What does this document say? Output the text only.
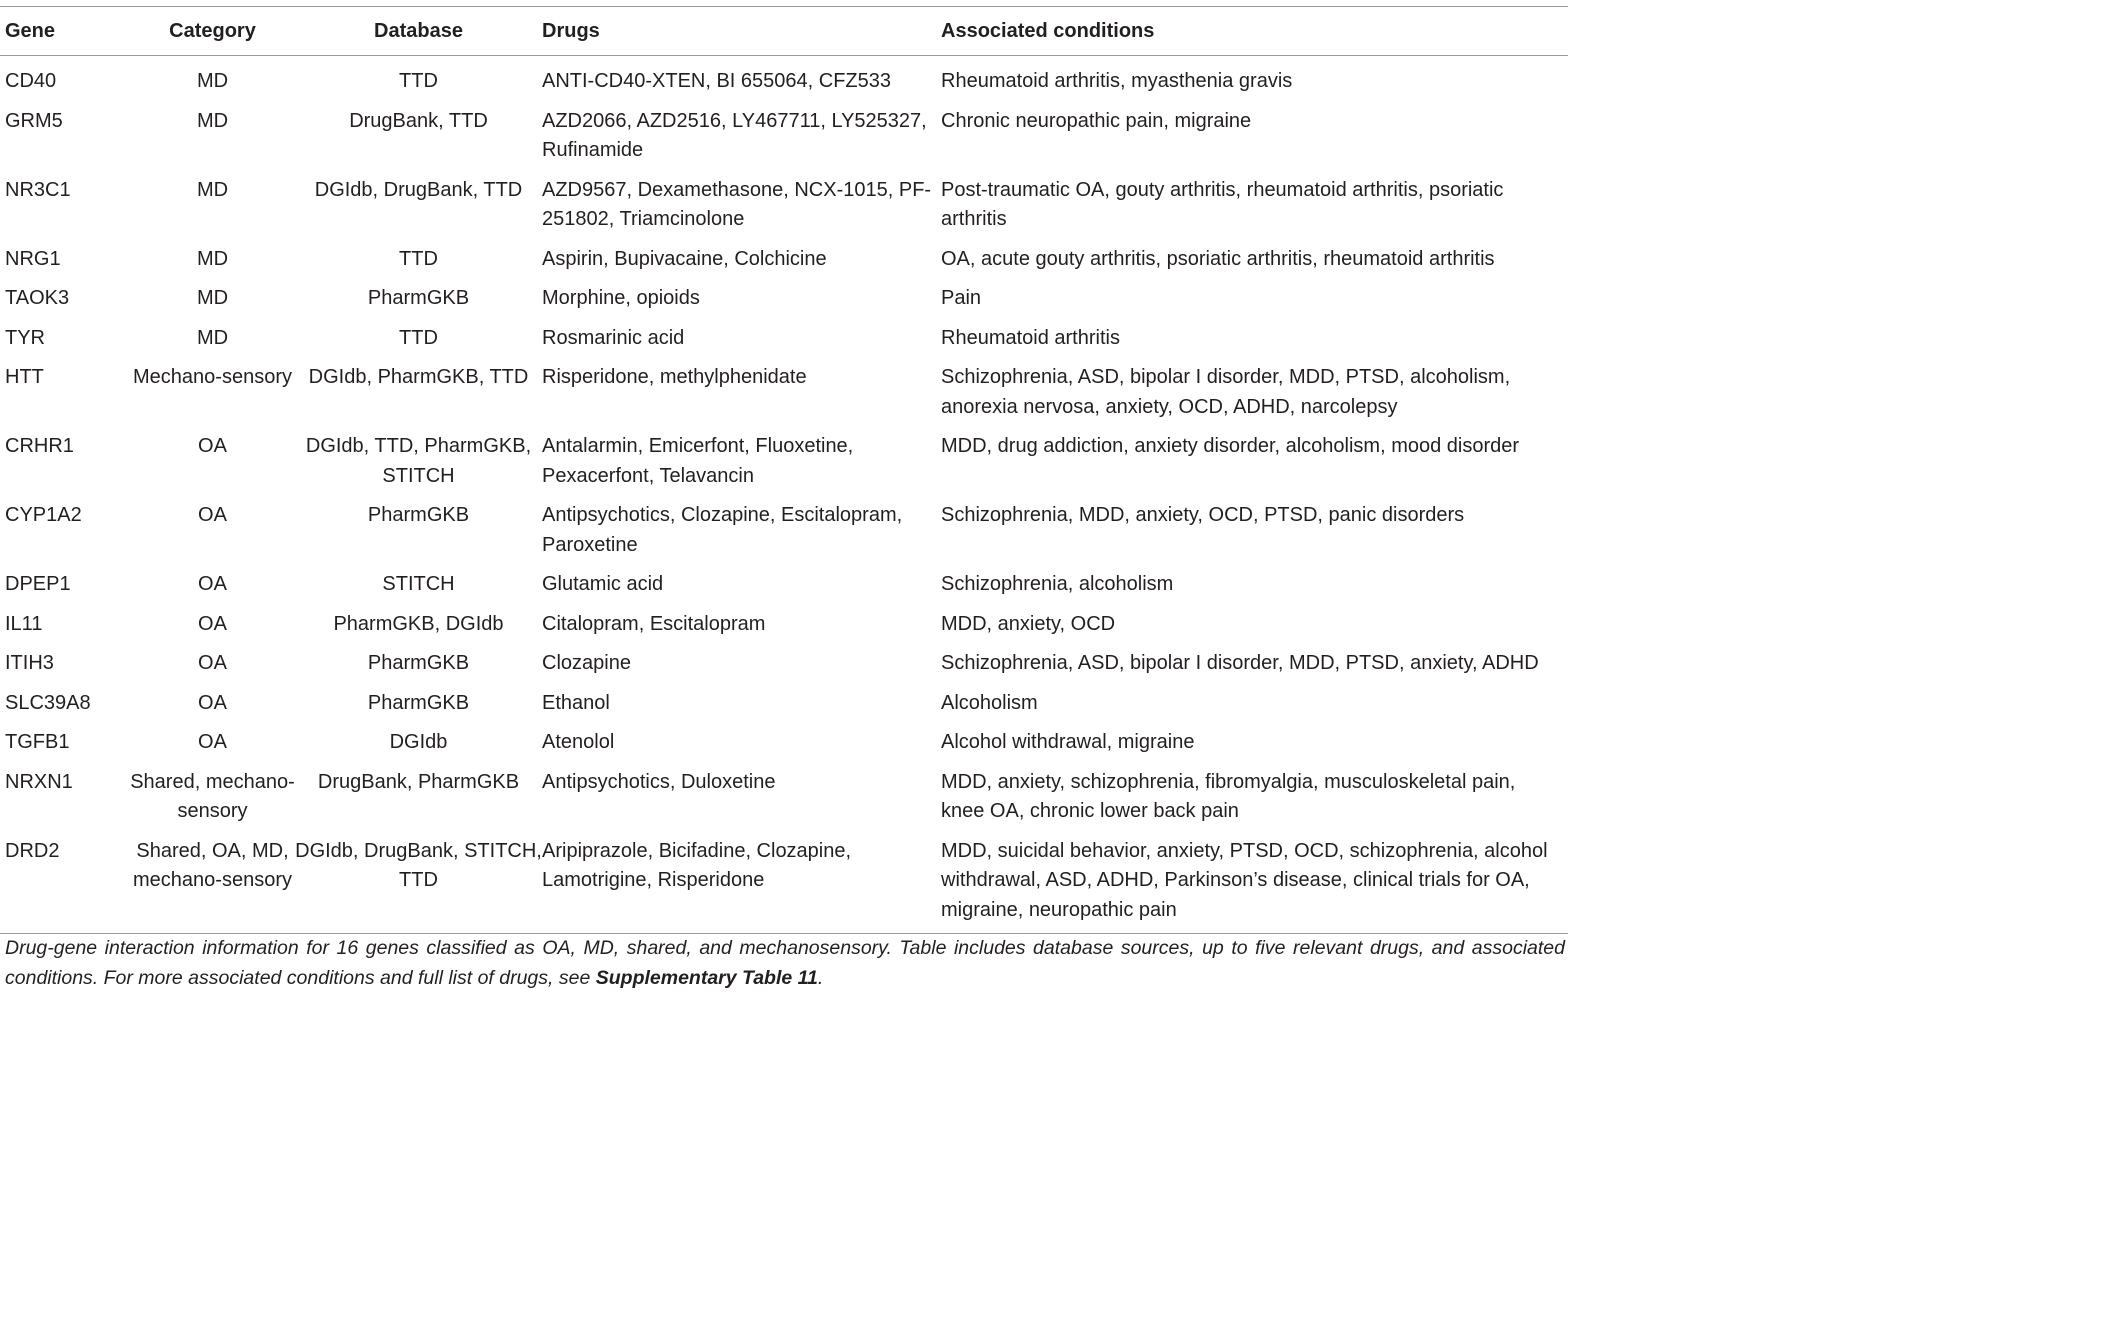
Gene	Category	Database	Drugs	Associated conditions
CD40	MD	TTD	ANTI-CD40-XTEN, BI 655064, CFZ533	Rheumatoid arthritis, myasthenia gravis
GRM5	MD	DrugBank, TTD	AZD2066, AZD2516, LY467711, LY525327, Rufinamide	Chronic neuropathic pain, migraine
NR3C1	MD	DGIdb, DrugBank, TTD	AZD9567, Dexamethasone, NCX-1015, PF-251802, Triamcinolone	Post-traumatic OA, gouty arthritis, rheumatoid arthritis, psoriatic arthritis
NRG1	MD	TTD	Aspirin, Bupivacaine, Colchicine	OA, acute gouty arthritis, psoriatic arthritis, rheumatoid arthritis
TAOK3	MD	PharmGKB	Morphine, opioids	Pain
TYR	MD	TTD	Rosmarinic acid	Rheumatoid arthritis
HTT	Mechano-sensory	DGIdb, PharmGKB, TTD	Risperidone, methylphenidate	Schizophrenia, ASD, bipolar I disorder, MDD, PTSD, alcoholism, anorexia nervosa, anxiety, OCD, ADHD, narcolepsy
CRHR1	OA	DGIdb, TTD, PharmGKB, STITCH	Antalarmin, Emicerfont, Fluoxetine, Pexacerfont, Telavancin	MDD, drug addiction, anxiety disorder, alcoholism, mood disorder
CYP1A2	OA	PharmGKB	Antipsychotics, Clozapine, Escitalopram, Paroxetine	Schizophrenia, MDD, anxiety, OCD, PTSD, panic disorders
DPEP1	OA	STITCH	Glutamic acid	Schizophrenia, alcoholism
IL11	OA	PharmGKB, DGIdb	Citalopram, Escitalopram	MDD, anxiety, OCD
ITIH3	OA	PharmGKB	Clozapine	Schizophrenia, ASD, bipolar I disorder, MDD, PTSD, anxiety, ADHD
SLC39A8	OA	PharmGKB	Ethanol	Alcoholism
TGFB1	OA	DGIdb	Atenolol	Alcohol withdrawal, migraine
NRXN1	Shared, mechano-sensory	DrugBank, PharmGKB	Antipsychotics, Duloxetine	MDD, anxiety, schizophrenia, fibromyalgia, musculoskeletal pain, knee OA, chronic lower back pain
DRD2	Shared, OA, MD, mechano-sensory	DGIdb, DrugBank, STITCH, TTD	Aripiprazole, Bicifadine, Clozapine, Lamotrigine, Risperidone	MDD, suicidal behavior, anxiety, PTSD, OCD, schizophrenia, alcohol withdrawal, ASD, ADHD, Parkinson’s disease, clinical trials for OA, migraine, neuropathic pain
Drug-gene interaction information for 16 genes classified as OA, MD, shared, and mechanosensory. Table includes database sources, up to five relevant drugs, and associated conditions. For more associated conditions and full list of drugs, see Supplementary Table 11.
